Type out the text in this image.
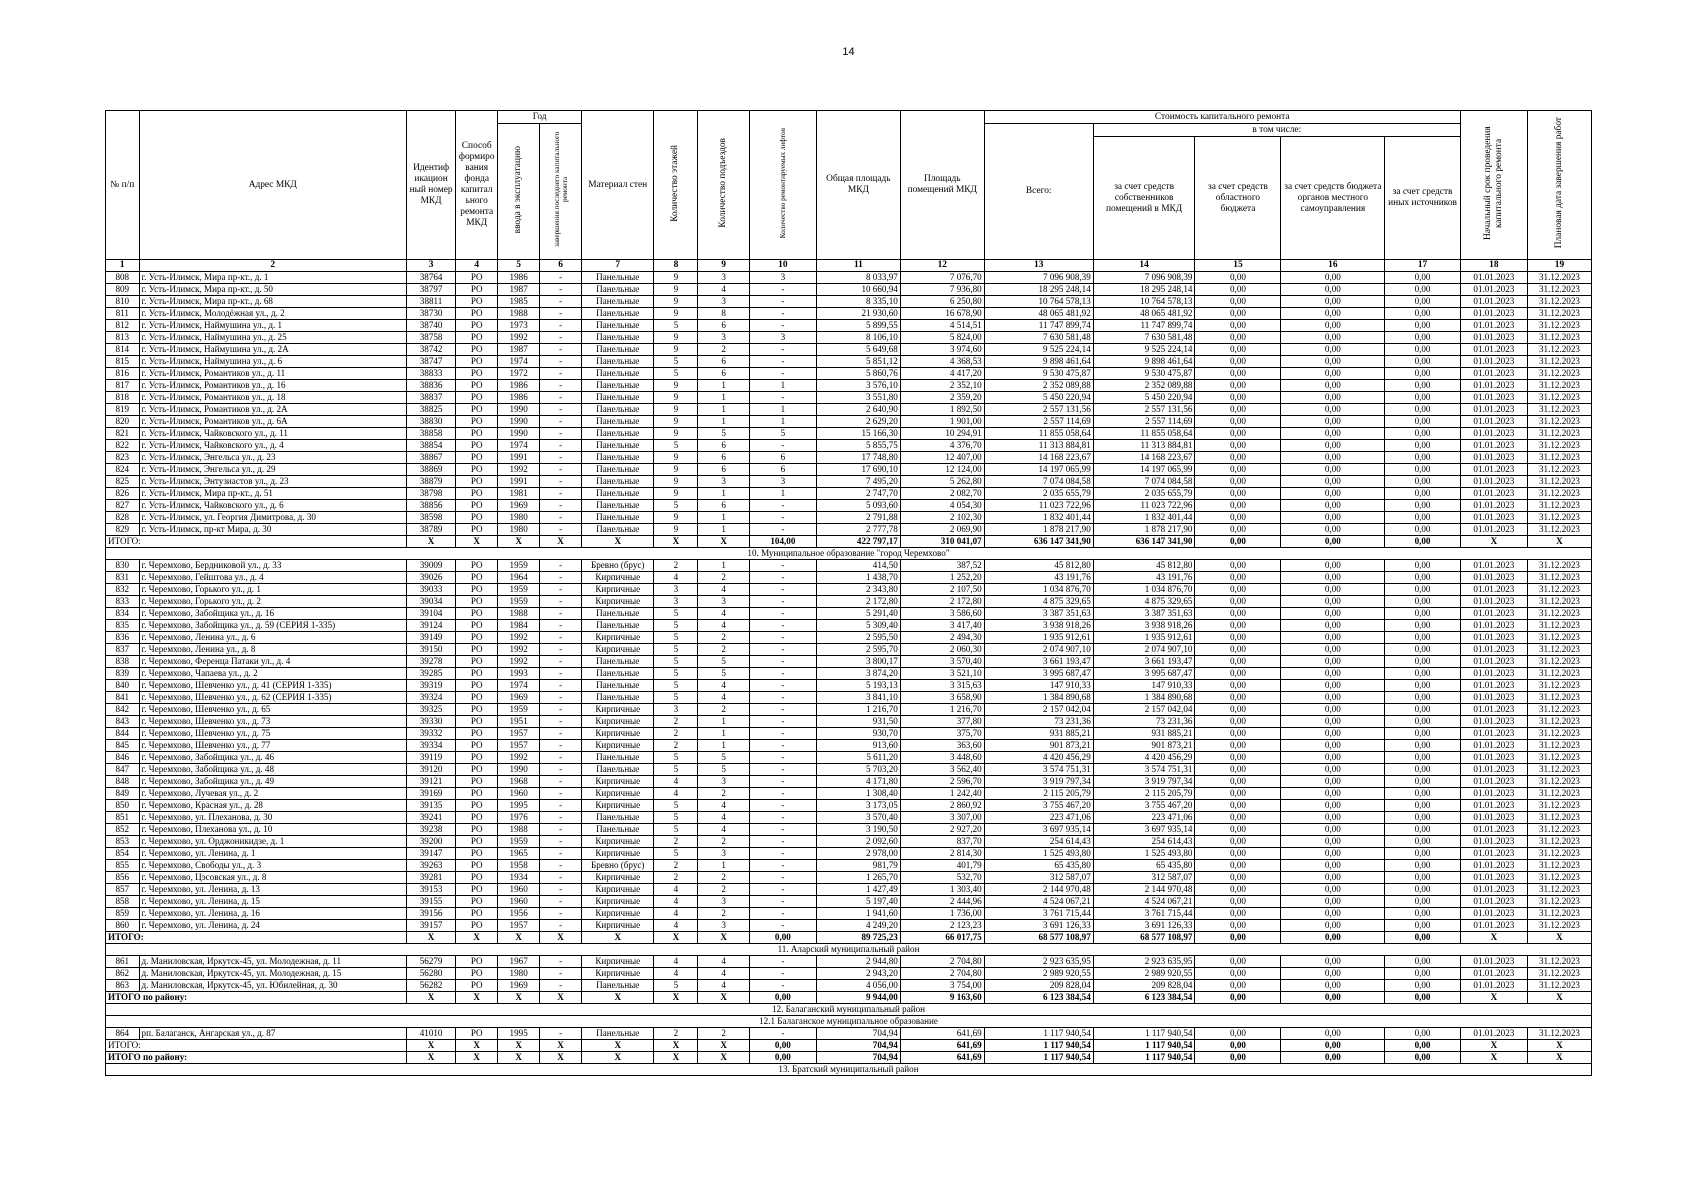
14
№ п/п	Адрес МКД	Идентиф икацион ный номер МКД	Способ формиро вания фонда капитал ьного ремонта МКД	Год		Материал стен	Количество этажей	Количество подъездов	Количество ремонтируемых лифтов	Общая площадь МКД	Площадь помещений МКД	Стоимость капитального ремонта					Начальный срок проведения капитального ремонта	Плановая дата завершения работ
				ввода в эксплуатацию	завершения последнего капитального ремонта							Всего:	в том числе:					
													за счет средств собственников помещений в МКД	за счет средств областного бюджета	за счет средств бюджета органов местного самоуправления	за счет средств иных источников		
1	2	3	4	5	6	7	8	9	10	11	12	13	14	15	16	17	18	19
808	г. Усть-Илимск, Мира пр-кт., д. 1	38764	РО	1986	-	Панельные	9	3	3	8 033,97	7 076,70	7 096 908,39	7 096 908,39	0,00	0,00	0,00	01.01.2023	31.12.2023
809	г. Усть-Илимск, Мира пр-кт., д. 50	38797	РО	1987	-	Панельные	9	4	-	10 660,94	7 936,80	18 295 248,14	18 295 248,14	0,00	0,00	0,00	01.01.2023	31.12.2023
810	г. Усть-Илимск, Мира пр-кт., д. 68	38811	РО	1985	-	Панельные	9	3	-	8 335,10	6 250,80	10 764 578,13	10 764 578,13	0,00	0,00	0,00	01.01.2023	31.12.2023
811	г. Усть-Илимск, Молодёжная ул., д. 2	38730	РО	1988	-	Панельные	9	8	-	21 930,60	16 678,90	48 065 481,92	48 065 481,92	0,00	0,00	0,00	01.01.2023	31.12.2023
812	г. Усть-Илимск, Наймушина ул., д. 1	38740	РО	1973	-	Панельные	5	6	-	5 899,55	4 514,51	11 747 899,74	11 747 899,74	0,00	0,00	0,00	01.01.2023	31.12.2023
813	г. Усть-Илимск, Наймушина ул., д. 25	38758	РО	1992	-	Панельные	9	3	3	8 106,10	5 824,00	7 630 581,48	7 630 581,48	0,00	0,00	0,00	01.01.2023	31.12.2023
814	г. Усть-Илимск, Наймушина ул., д. 2А	38742	РО	1987	-	Панельные	9	2	-	5 649,68	3 974,60	9 525 224,14	9 525 224,14	0,00	0,00	0,00	01.01.2023	31.12.2023
815	г. Усть-Илимск, Наймушина ул., д. 6	38747	РО	1974	-	Панельные	5	6	-	5 851,12	4 368,53	9 898 461,64	9 898 461,64	0,00	0,00	0,00	01.01.2023	31.12.2023
816	г. Усть-Илимск, Романтиков ул., д. 11	38833	РО	1972	-	Панельные	5	6	-	5 860,76	4 417,20	9 530 475,87	9 530 475,87	0,00	0,00	0,00	01.01.2023	31.12.2023
817	г. Усть-Илимск, Романтиков ул., д. 16	38836	РО	1986	-	Панельные	9	1	1	3 576,10	2 352,10	2 352 089,88	2 352 089,88	0,00	0,00	0,00	01.01.2023	31.12.2023
818	г. Усть-Илимск, Романтиков ул., д. 18	38837	РО	1986	-	Панельные	9	1	-	3 551,80	2 359,20	5 450 220,94	5 450 220,94	0,00	0,00	0,00	01.01.2023	31.12.2023
819	г. Усть-Илимск, Романтиков ул., д. 2А	38825	РО	1990	-	Панельные	9	1	1	2 640,90	1 892,50	2 557 131,56	2 557 131,56	0,00	0,00	0,00	01.01.2023	31.12.2023
820	г. Усть-Илимск, Романтиков ул., д. 6А	38830	РО	1990	-	Панельные	9	1	1	2 629,20	1 901,00	2 557 114,69	2 557 114,69	0,00	0,00	0,00	01.01.2023	31.12.2023
821	г. Усть-Илимск, Чайковского ул., д. 11	38858	РО	1990	-	Панельные	9	5	5	15 166,30	10 294,91	11 855 058,64	11 855 058,64	0,00	0,00	0,00	01.01.2023	31.12.2023
822	г. Усть-Илимск, Чайковского ул., д. 4	38854	РО	1974	-	Панельные	5	6	-	5 855,75	4 376,70	11 313 884,81	11 313 884,81	0,00	0,00	0,00	01.01.2023	31.12.2023
823	г. Усть-Илимск, Энгельса ул., д. 23	38867	РО	1991	-	Панельные	9	6	6	17 748,80	12 407,00	14 168 223,67	14 168 223,67	0,00	0,00	0,00	01.01.2023	31.12.2023
824	г. Усть-Илимск, Энгельса ул., д. 29	38869	РО	1992	-	Панельные	9	6	6	17 690,10	12 124,00	14 197 065,99	14 197 065,99	0,00	0,00	0,00	01.01.2023	31.12.2023
825	г. Усть-Илимск, Энтузиастов ул., д. 23	38879	РО	1991	-	Панельные	9	3	3	7 495,20	5 262,80	7 074 084,58	7 074 084,58	0,00	0,00	0,00	01.01.2023	31.12.2023
826	г. Усть-Илимск, Мира пр-кт., д. 51	38798	РО	1981	-	Панельные	9	1	1	2 747,70	2 082,70	2 035 655,79	2 035 655,79	0,00	0,00	0,00	01.01.2023	31.12.2023
827	г. Усть-Илимск, Чайковского ул., д. 6	38856	РО	1969	-	Панельные	5	6	-	5 093,60	4 054,30	11 023 722,96	11 023 722,96	0,00	0,00	0,00	01.01.2023	31.12.2023
828	г. Усть-Илимск, ул. Георгия Димитрова, д. 30	38598	РО	1980	-	Панельные	9	1	-	2 791,88	2 102,30	1 832 401,44	1 832 401,44	0,00	0,00	0,00	01.01.2023	31.12.2023
829	г. Усть-Илимск, пр-кт Мира, д. 30	38789	РО	1980	-	Панельные	9	1	-	2 777,78	2 069,90	1 878 217,90	1 878 217,90	0,00	0,00	0,00	01.01.2023	31.12.2023
ИТОГО:		X	X	X	X	X	X	X	104,00	422 797,17	310 041,07	636 147 341,90	636 147 341,90	0,00	0,00	0,00	X	X
10. Муниципальное образование "город Черемхово"																		
830	г. Черемхово, Бердниковой ул., д. 33	39009	РО	1959	-	Бревно (брус)	2	1	-	414,50	387,52	45 812,80	45 812,80	0,00	0,00	0,00	01.01.2023	31.12.2023
831	г. Черемхово, Гейштова ул., д. 4	39026	РО	1964	-	Кирпичные	4	2	-	1 438,70	1 252,20	43 191,76	43 191,76	0,00	0,00	0,00	01.01.2023	31.12.2023
832	г. Черемхово, Горького ул., д. 1	39033	РО	1959	-	Кирпичные	3	4	-	2 343,80	2 107,50	1 034 876,70	1 034 876,70	0,00	0,00	0,00	01.01.2023	31.12.2023
833	г. Черемхово, Горького ул., д. 2	39034	РО	1959	-	Кирпичные	3	3	-	2 172,80	2 172,80	4 875 329,65	4 875 329,65	0,00	0,00	0,00	01.01.2023	31.12.2023
834	г. Черемхово, Забойщика ул., д. 16	39104	РО	1988	-	Панельные	5	4	-	5 291,40	3 586,60	3 387 351,63	3 387 351,63	0,00	0,00	0,00	01.01.2023	31.12.2023
835	г. Черемхово, Забойщика ул., д. 59 (СЕРИЯ 1-335)	39124	РО	1984	-	Панельные	5	4	-	5 309,40	3 417,40	3 938 918,26	3 938 918,26	0,00	0,00	0,00	01.01.2023	31.12.2023
836	г. Черемхово, Ленина ул., д. 6	39149	РО	1992	-	Кирпичные	5	2	-	2 595,50	2 494,30	1 935 912,61	1 935 912,61	0,00	0,00	0,00	01.01.2023	31.12.2023
837	г. Черемхово, Ленина ул., д. 8	39150	РО	1992	-	Кирпичные	5	2	-	2 595,70	2 060,30	2 074 907,10	2 074 907,10	0,00	0,00	0,00	01.01.2023	31.12.2023
838	г. Черемхово, Ференца Патаки ул., д. 4	39278	РО	1992	-	Панельные	5	5	-	3 800,17	3 570,40	3 661 193,47	3 661 193,47	0,00	0,00	0,00	01.01.2023	31.12.2023
839	г. Черемхово, Чапаева ул., д. 2	39285	РО	1993	-	Панельные	5	5	-	3 874,20	3 521,10	3 995 687,47	3 995 687,47	0,00	0,00	0,00	01.01.2023	31.12.2023
840	г. Черемхово, Шевченко ул., д. 41 (СЕРИЯ 1-335)	39319	РО	1974	-	Панельные	5	4	-	5 193,13	3 315,63	147 910,33	147 910,33	0,00	0,00	0,00	01.01.2023	31.12.2023
841	г. Черемхово, Шевченко ул., д. 62 (СЕРИЯ 1-335)	39324	РО	1969	-	Панельные	5	4	-	3 841,10	3 658,90	1 384 890,68	1 384 890,68	0,00	0,00	0,00	01.01.2023	31.12.2023
842	г. Черемхово, Шевченко ул., д. 65	39325	РО	1959	-	Кирпичные	3	2	-	1 216,70	1 216,70	2 157 042,04	2 157 042,04	0,00	0,00	0,00	01.01.2023	31.12.2023
843	г. Черемхово, Шевченко ул., д. 73	39330	РО	1951	-	Кирпичные	2	1	-	931,50	377,80	73 231,36	73 231,36	0,00	0,00	0,00	01.01.2023	31.12.2023
844	г. Черемхово, Шевченко ул., д. 75	39332	РО	1957	-	Кирпичные	2	1	-	930,70	375,70	931 885,21	931 885,21	0,00	0,00	0,00	01.01.2023	31.12.2023
845	г. Черемхово, Шевченко ул., д. 77	39334	РО	1957	-	Кирпичные	2	1	-	913,60	363,60	901 873,21	901 873,21	0,00	0,00	0,00	01.01.2023	31.12.2023
846	г. Черемхово, Забойщика ул., д. 46	39119	РО	1992	-	Панельные	5	5	-	5 611,20	3 448,60	4 420 456,29	4 420 456,29	0,00	0,00	0,00	01.01.2023	31.12.2023
847	г. Черемхово, Забойщика ул., д. 48	39120	РО	1990	-	Панельные	5	5	-	5 703,20	3 562,40	3 574 751,31	3 574 751,31	0,00	0,00	0,00	01.01.2023	31.12.2023
848	г. Черемхово, Забойщика ул., д. 49	39121	РО	1968	-	Кирпичные	4	3	-	4 171,80	2 596,70	3 919 797,34	3 919 797,34	0,00	0,00	0,00	01.01.2023	31.12.2023
849	г. Черемхово, Лучевая ул., д. 2	39169	РО	1960	-	Кирпичные	4	2	-	1 308,40	1 242,40	2 115 205,79	2 115 205,79	0,00	0,00	0,00	01.01.2023	31.12.2023
850	г. Черемхово, Красная ул., д. 28	39135	РО	1995	-	Кирпичные	5	4	-	3 173,05	2 860,92	3 755 467,20	3 755 467,20	0,00	0,00	0,00	01.01.2023	31.12.2023
851	г. Черемхово, ул. Плеханова, д. 30	39241	РО	1976	-	Панельные	5	4	-	3 570,40	3 307,00	223 471,06	223 471,06	0,00	0,00	0,00	01.01.2023	31.12.2023
852	г. Черемхово, Плеханова ул., д. 10	39238	РО	1988	-	Панельные	5	4	-	3 190,50	2 927,20	3 697 935,14	3 697 935,14	0,00	0,00	0,00	01.01.2023	31.12.2023
853	г. Черемхово, ул. Орджоникидзе, д. 1	39200	РО	1959	-	Кирпичные	2	2	-	2 092,60	837,70	254 614,43	254 614,43	0,00	0,00	0,00	01.01.2023	31.12.2023
854	г. Черемхово, ул. Ленина, д. 1	39147	РО	1965	-	Кирпичные	5	3	-	2 978,00	2 814,30	1 525 493,80	1 525 493,80	0,00	0,00	0,00	01.01.2023	31.12.2023
855	г. Черемхово, Свободы ул., д. 3	39263	РО	1958	-	Бревно (брус)	2	1	-	981,79	401,79	65 435,80	65 435,80	0,00	0,00	0,00	01.01.2023	31.12.2023
856	г. Черемхово, Цэсовская ул., д. 8	39281	РО	1934	-	Кирпичные	2	2	-	1 265,70	532,70	312 587,07	312 587,07	0,00	0,00	0,00	01.01.2023	31.12.2023
857	г. Черемхово, ул. Ленина, д. 13	39153	РО	1960	-	Кирпичные	4	2	-	1 427,49	1 303,40	2 144 970,48	2 144 970,48	0,00	0,00	0,00	01.01.2023	31.12.2023
858	г. Черемхово, ул. Ленина, д. 15	39155	РО	1960	-	Кирпичные	4	3	-	5 197,40	2 444,96	4 524 067,21	4 524 067,21	0,00	0,00	0,00	01.01.2023	31.12.2023
859	г. Черемхово, ул. Ленина, д. 16	39156	РО	1956	-	Кирпичные	4	2	-	1 941,60	1 736,00	3 761 715,44	3 761 715,44	0,00	0,00	0,00	01.01.2023	31.12.2023
860	г. Черемхово, ул. Ленина, д. 24	39157	РО	1957	-	Кирпичные	4	3	-	4 249,20	2 123,23	3 691 126,33	3 691 126,33	0,00	0,00	0,00	01.01.2023	31.12.2023
ИТОГО:		X	X	X	X	X	X	X	0,00	89 725,23	66 017,75	68 577 108,97	68 577 108,97	0,00	0,00	0,00	X	X
11. Аларский муниципальный район																		
861	д. Маниловская, Иркутск-45, ул. Молодежная, д. 11	56279	РО	1967	-	Кирпичные	4	4	-	2 944,80	2 704,80	2 923 635,95	2 923 635,95	0,00	0,00	0,00	01.01.2023	31.12.2023
862	д. Маниловская, Иркутск-45, ул. Молодежная, д. 15	56280	РО	1980	-	Кирпичные	4	4	-	2 943,20	2 704,80	2 989 920,55	2 989 920,55	0,00	0,00	0,00	01.01.2023	31.12.2023
863	д. Маниловская, Иркутск-45, ул. Юбилейная, д. 30	56282	РО	1969	-	Панельные	5	4	-	4 056,00	3 754,00	209 828,04	209 828,04	0,00	0,00	0,00	01.01.2023	31.12.2023
ИТОГО по району:		X	X	X	X	X	X	X	0,00	9 944,00	9 163,60	6 123 384,54	6 123 384,54	0,00	0,00	0,00	X	X
12. Балаганский муниципальный район																		
12.1 Балаганское муниципальное образование																		
864	рп. Балаганск, Ангарская ул., д. 87	41010	РО	1995	-	Панельные	2	2	-	704,94	641,69	1 117 940,54	1 117 940,54	0,00	0,00	0,00	01.01.2023	31.12.2023
ИТОГО:		X	X	X	X	X	X	X	0,00	704,94	641,69	1 117 940,54	1 117 940,54	0,00	0,00	0,00	X	X
ИТОГО по району:		X	X	X	X	X	X	X	0,00	704,94	641,69	1 117 940,54	1 117 940,54	0,00	0,00	0,00	X	X
13. Братский муниципальный район																		
